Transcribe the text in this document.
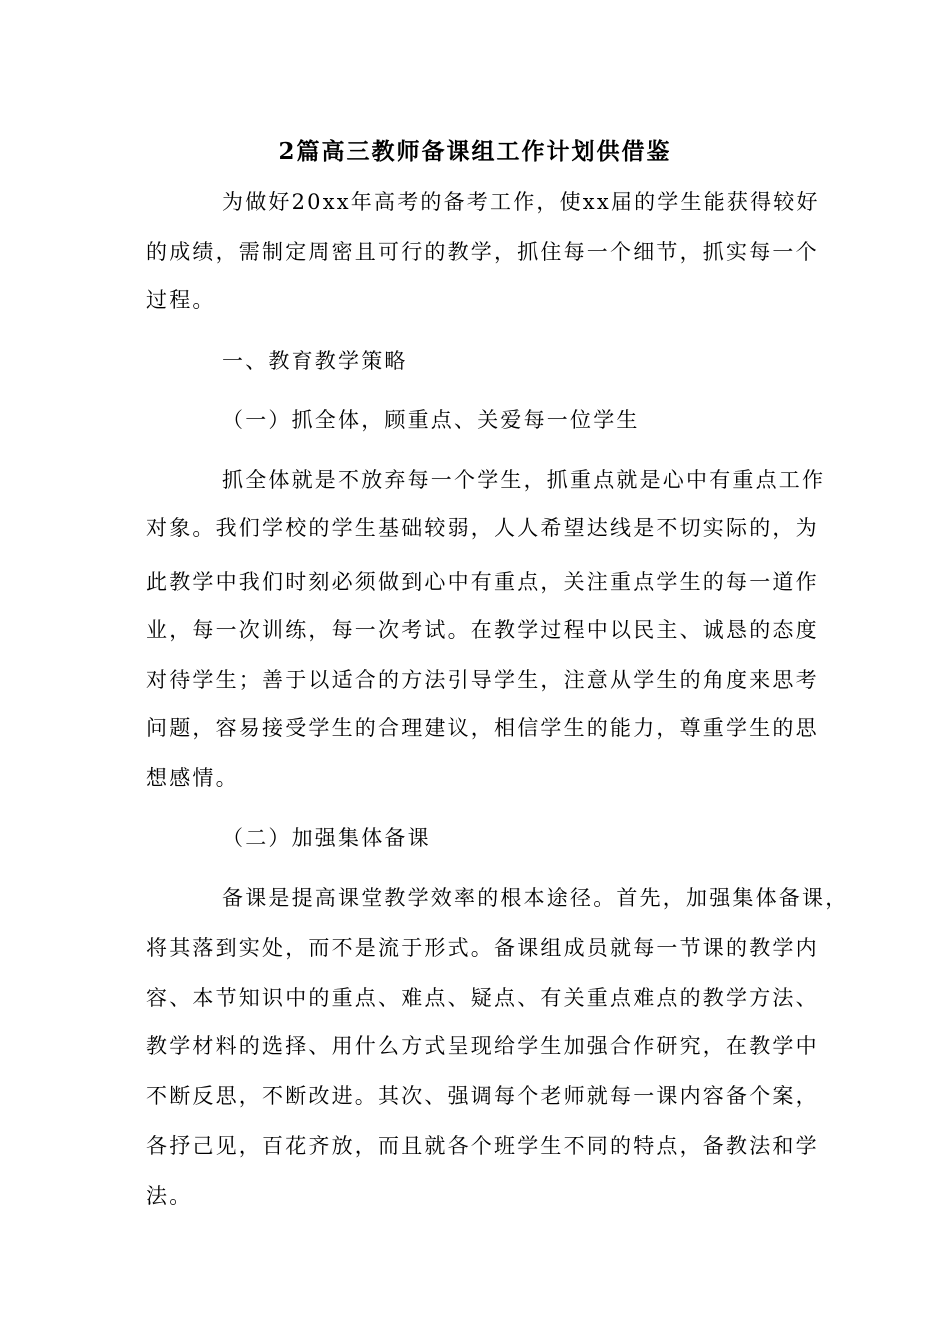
2篇高三教师备课组工作计划供借鉴

为做好20xx年高考的备考工作，使xx届的学生能获得较好

的成绩，需制定周密且可行的教学，抓住每一个细节，抓实每一个

过程。

一、教育教学策略

（一）抓全体，顾重点、关爱每一位学生

抓全体就是不放弃每一个学生，抓重点就是心中有重点工作

对象。我们学校的学生基础较弱，人人希望达线是不切实际的，为

此教学中我们时刻必须做到心中有重点，关注重点学生的每一道作

业，每一次训练，每一次考试。在教学过程中以民主、诚恳的态度

对待学生；善于以适合的方法引导学生，注意从学生的角度来思考

问题，容易接受学生的合理建议，相信学生的能力，尊重学生的思

想感情。

（二）加强集体备课

备课是提高课堂教学效率的根本途径。首先，加强集体备课，

将其落到实处，而不是流于形式。备课组成员就每一节课的教学内

容、本节知识中的重点、难点、疑点、有关重点难点的教学方法、

教学材料的选择、用什么方式呈现给学生加强合作研究，在教学中

不断反思，不断改进。其次、强调每个老师就每一课内容备个案，

各抒己见，百花齐放，而且就各个班学生不同的特点，备教法和学

法。
